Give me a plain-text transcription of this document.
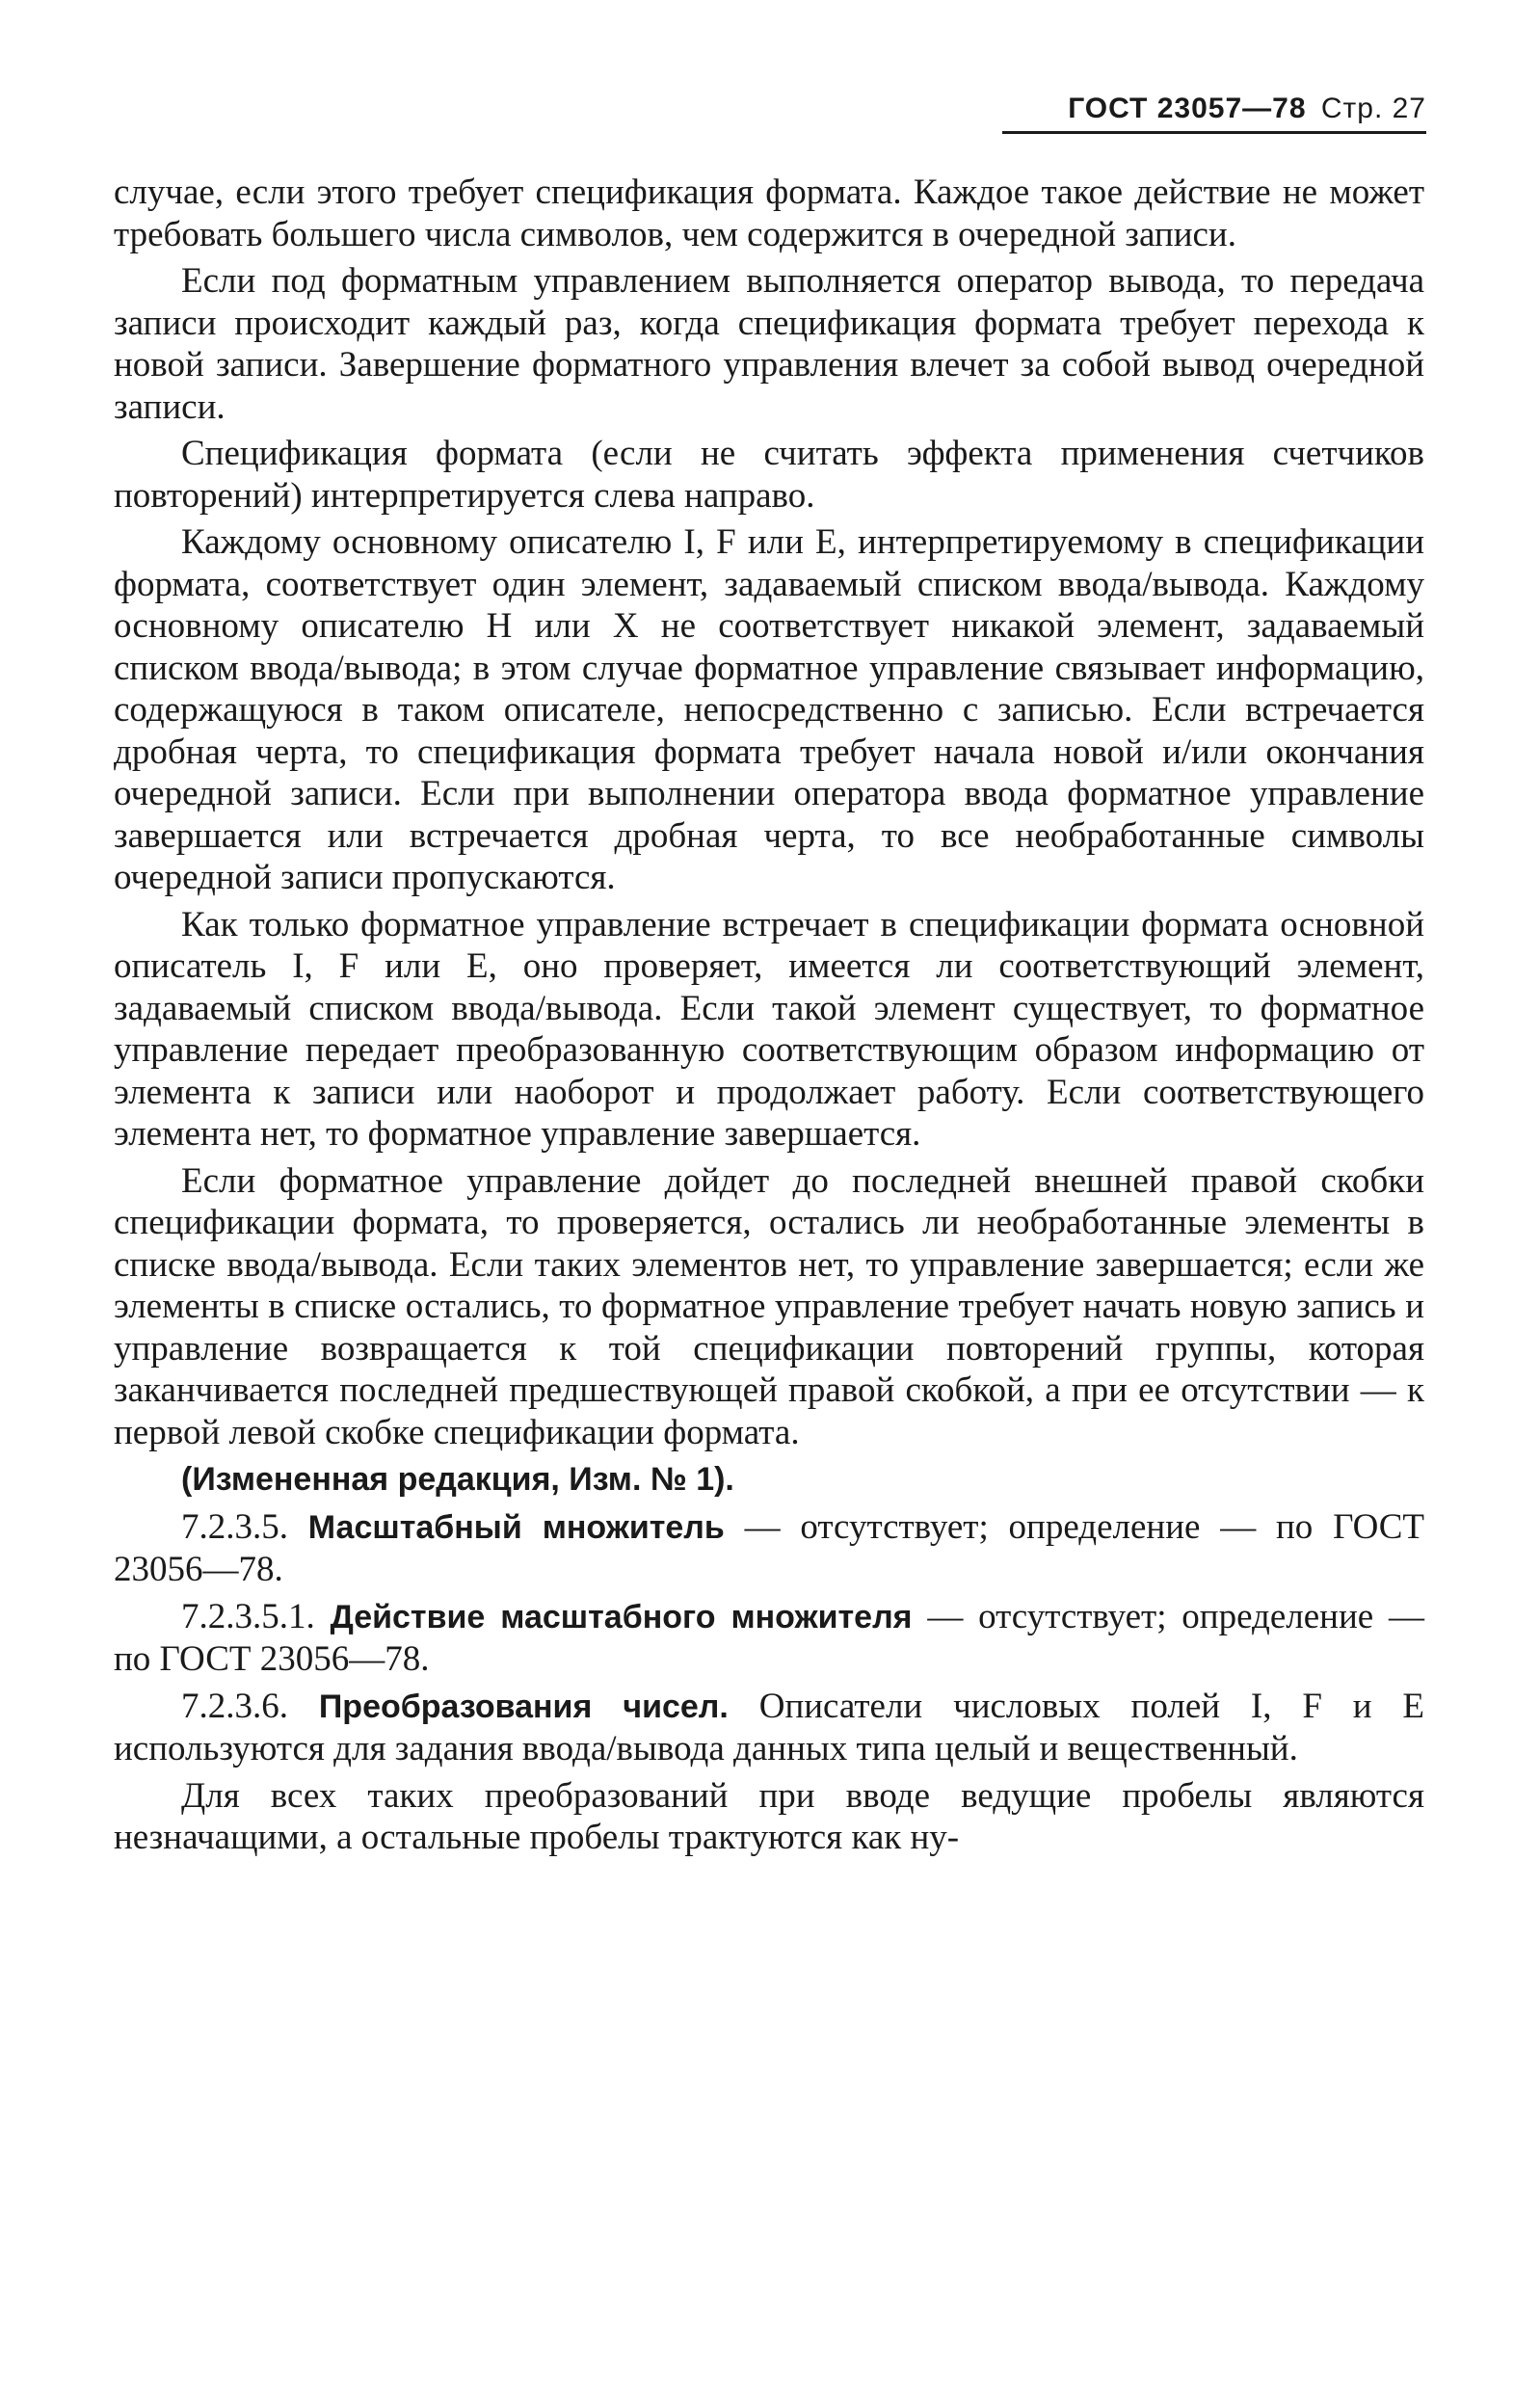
ГОСТ 23057—78 Стр. 27

случае, если этого требует спецификация формата. Каждое такое действие не может требовать большего числа символов, чем содержится в очередной записи.

Если под форматным управлением выполняется оператор вывода, то передача записи происходит каждый раз, когда спецификация формата требует перехода к новой записи. Завершение форматного управления влечет за собой вывод очередной записи.

Спецификация формата (если не считать эффекта применения счетчиков повторений) интерпретируется слева направо.

Каждому основному описателю I, F или Е, интерпретируемому в спецификации формата, соответствует один элемент, задаваемый списком ввода/вывода. Каждому основному описателю Н или X не соответствует никакой элемент, задаваемый списком ввода/вывода; в этом случае форматное управление связывает информацию, содержащуюся в таком описателе, непосредственно с записью. Если встречается дробная черта, то спецификация формата требует начала новой и/или окончания очередной записи. Если при выполнении оператора ввода форматное управление завершается или встречается дробная черта, то все необработанные символы очередной записи пропускаются.

Как только форматное управление встречает в спецификации формата основной описатель I, F или Е, оно проверяет, имеется ли соответствующий элемент, задаваемый списком ввода/вывода. Если такой элемент существует, то форматное управление передает преобразованную соответствующим образом информацию от элемента к записи или наоборот и продолжает работу. Если соответствующего элемента нет, то форматное управление завершается.

Если форматное управление дойдет до последней внешней правой скобки спецификации формата, то проверяется, остались ли необработанные элементы в списке ввода/вывода. Если таких элементов нет, то управление завершается; если же элементы в списке остались, то форматное управление требует начать новую запись и управление возвращается к той спецификации повторений группы, которая заканчивается последней предшествующей правой скобкой, а при ее отсутствии — к первой левой скобке спецификации формата.

(Измененная редакция, Изм. № 1).

7.2.3.5. Масштабный множитель — отсутствует; определение — по ГОСТ 23056—78.

7.2.3.5.1. Действие масштабного множителя — отсутствует; определение — по ГОСТ 23056—78.

7.2.3.6. Преобразования чисел. Описатели числовых полей I, F и Е используются для задания ввода/вывода данных типа целый и вещественный.

Для всех таких преобразований при вводе ведущие пробелы являются незначащими, а остальные пробелы трактуются как ну-
